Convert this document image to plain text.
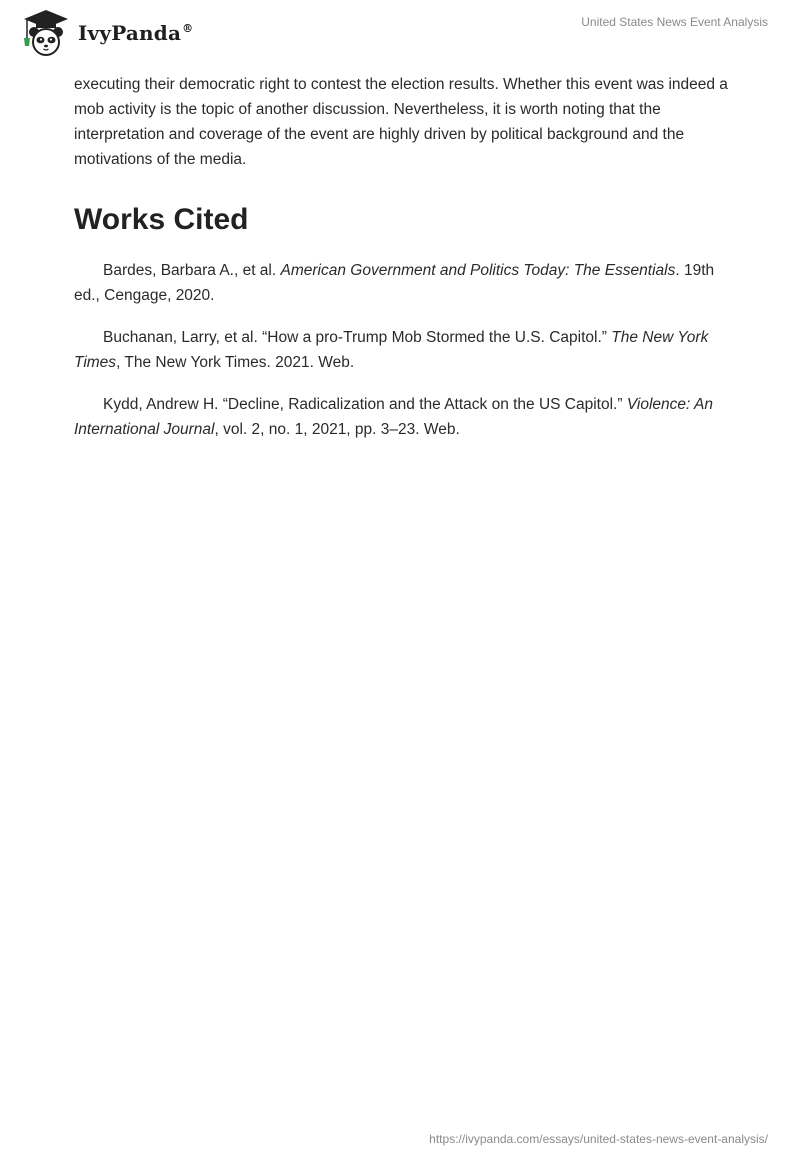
IvyPanda®	United States News Event Analysis

executing their democratic right to contest the election results. Whether this event was indeed a mob activity is the topic of another discussion. Nevertheless, it is worth noting that the interpretation and coverage of the event are highly driven by political background and the motivations of the media.

Works Cited

Bardes, Barbara A., et al. American Government and Politics Today: The Essentials. 19th ed., Cengage, 2020.

Buchanan, Larry, et al. “How a pro-Trump Mob Stormed the U.S. Capitol.” The New York Times, The New York Times. 2021. Web.

Kydd, Andrew H. “Decline, Radicalization and the Attack on the US Capitol.” Violence: An International Journal, vol. 2, no. 1, 2021, pp. 3–23. Web.

https://ivypanda.com/essays/united-states-news-event-analysis/
